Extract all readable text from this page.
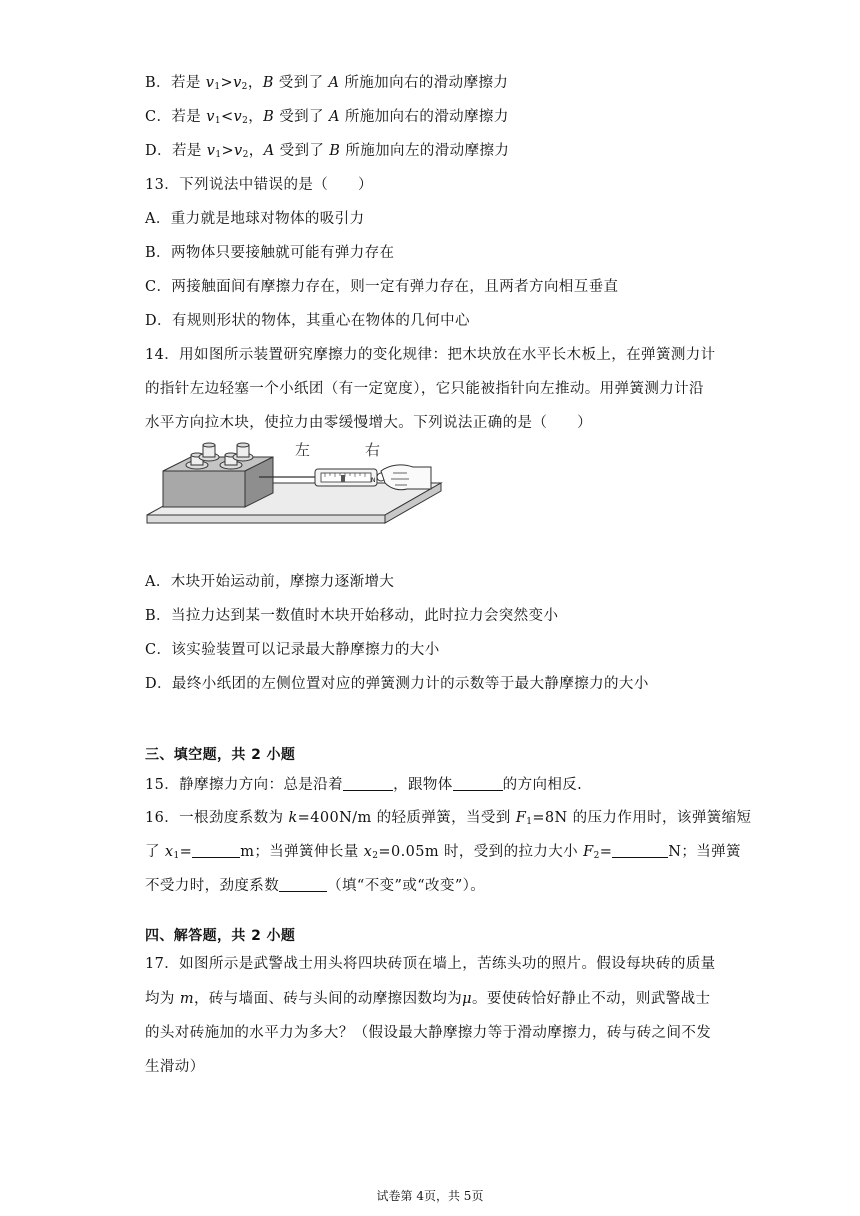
B．若是 $v_1>v_2$，B 受到了 A 所施加向右的滑动摩擦力
C．若是 $v_1<v_2$，B 受到了 A 所施加向右的滑动摩擦力
D．若是 $v_1>v_2$，A 受到了 B 所施加向左的滑动摩擦力
13．下列说法中错误的是（　　）
A．重力就是地球对物体的吸引力
B．两物体只要接触就可能有弹力存在
C．两接触面间有摩擦力存在，则一定有弹力存在，且两者方向相互垂直
D．有规则形状的物体，其重心在物体的几何中心
14．用如图所示装置研究摩擦力的变化规律：把木块放在水平长木板上，在弹簧测力计
的指针左边轻塞一个小纸团（有一定宽度），它只能被指针向左推动。用弹簧测力计沿
水平方向拉木块，使拉力由零缓慢增大。下列说法正确的是（　　）
N
左	右
A．木块开始运动前，摩擦力逐渐增大
B．当拉力达到某一数值时木块开始移动，此时拉力会突然变小
C．该实验装置可以记录最大静摩擦力的大小
D．最终小纸团的左侧位置对应的弹簧测力计的示数等于最大静摩擦力的大小
三、填空题，共 2 小题
15．静摩擦力方向：总是沿着	，跟物体	的方向相反.
16．一根劲度系数为 k=400N/m 的轻质弹簧，当受到 $F_1=8N$ 的压力作用时，该弹簧缩短
了 $x_1=$	m；当弹簧伸长量 $x_2=0.05m$ 时，受到的拉力大小 $F_2=$	N；当弹簧
不受力时，劲度系数	（填“不变”或“改变”）。
四、解答题，共 2 小题
17．如图所示是武警战士用头将四块砖顶在墙上，苦练头功的照片。假设每块砖的质量
均为 m，砖与墙面、砖与头间的动摩擦因数均为μ。要使砖恰好静止不动，则武警战士
的头对砖施加的水平力为多大？（假设最大静摩擦力等于滑动摩擦力，砖与砖之间不发
生滑动）
试卷第 4页，共 5页
